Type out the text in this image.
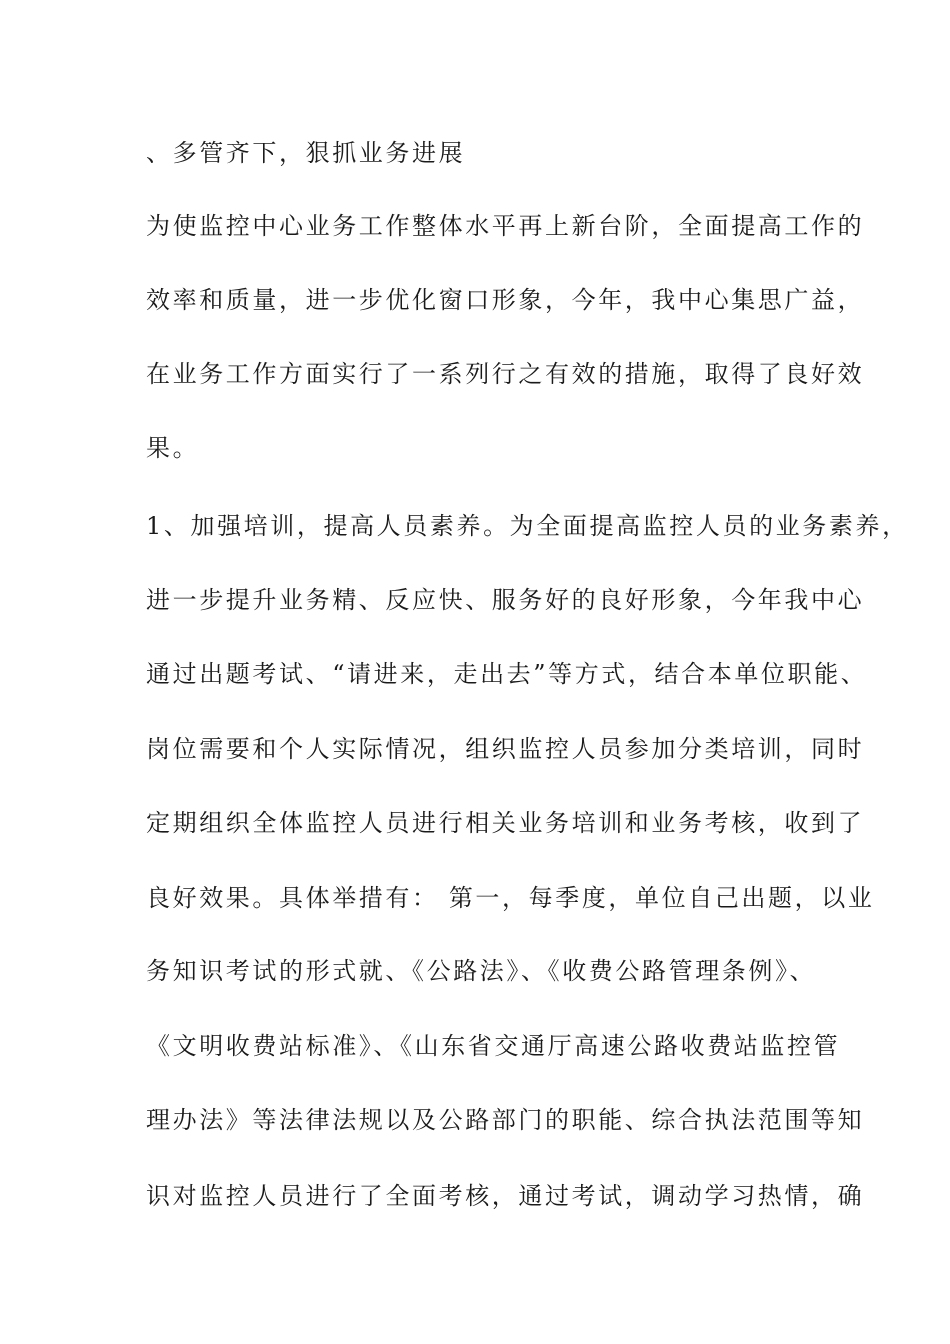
、多管齐下，狠抓业务进展
为使监控中心业务工作整体水平再上新台阶，全面提高工作的
效率和质量，进一步优化窗口形象，今年，我中心集思广益，
在业务工作方面实行了一系列行之有效的措施，取得了良好效
果。
1、加强培训，提高人员素养。为全面提高监控人员的业务素养，
进一步提升业务精、反应快、服务好的良好形象，今年我中心
通过出题考试、“请进来，走出去”等方式，结合本单位职能、
岗位需要和个人实际情况，组织监控人员参加分类培训，同时
定期组织全体监控人员进行相关业务培训和业务考核，收到了
良好效果。具体举措有： 第一，每季度，单位自己出题，以业
务知识考试的形式就、《公路法》、《收费公路管理条例》、
《文明收费站标准》、《山东省交通厅高速公路收费站监控管
理办法》等法律法规以及公路部门的职能、综合执法范围等知
识对监控人员进行了全面考核，通过考试，调动学习热情，确
